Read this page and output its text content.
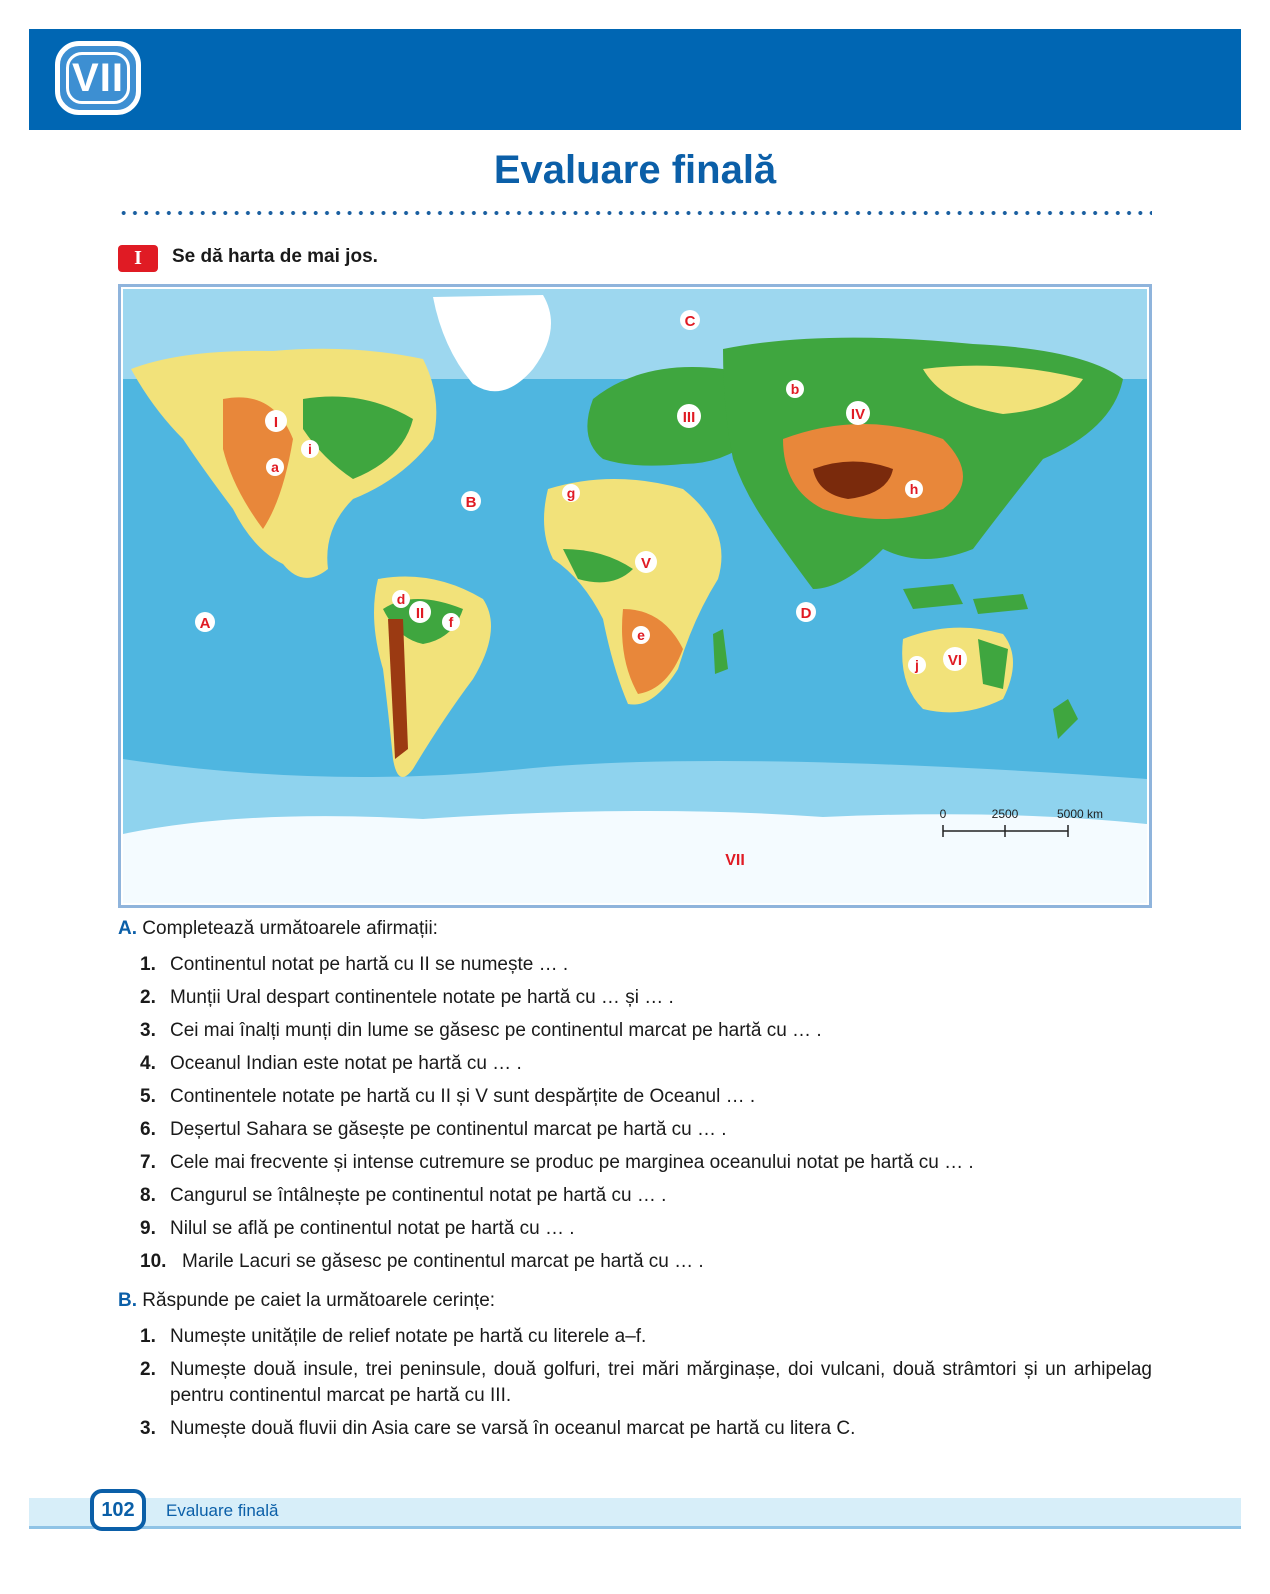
VII
Evaluare finală
I	Se dă harta de mai jos.
A
B
C
D
I
II
III	IV
V
VI
VII
a
b
d
e
f
g	h
i
j
0	2500	5000 km
A. Completează următoarele afirmații:
1. Continentul notat pe hartă cu II se numește … .
2. Munții Ural despart continentele notate pe hartă cu … și … .
3. Cei mai înalți munți din lume se găsesc pe continentul marcat pe hartă cu … .
4. Oceanul Indian este notat pe hartă cu … .
5. Continentele notate pe hartă cu II și V sunt despărțite de Oceanul … .
6. Deșertul Sahara se găsește pe continentul marcat pe hartă cu … .
7. Cele mai frecvente și intense cutremure se produc pe marginea oceanului notat pe hartă cu … .
8. Cangurul se întâlnește pe continentul notat pe hartă cu … .
9. Nilul se află pe continentul notat pe hartă cu … .
10. Marile Lacuri se găsesc pe continentul marcat pe hartă cu … .
B. Răspunde pe caiet la următoarele cerințe:
1. Numește unitățile de relief notate pe hartă cu literele a–f.
2. Numește două insule, trei peninsule, două golfuri, trei mări mărginașe, doi vulcani, două strâmtori și un arhipelag pentru continentul marcat pe hartă cu III.
3. Numește două fluvii din Asia care se varsă în oceanul marcat pe hartă cu litera C.
102	Evaluare finală
